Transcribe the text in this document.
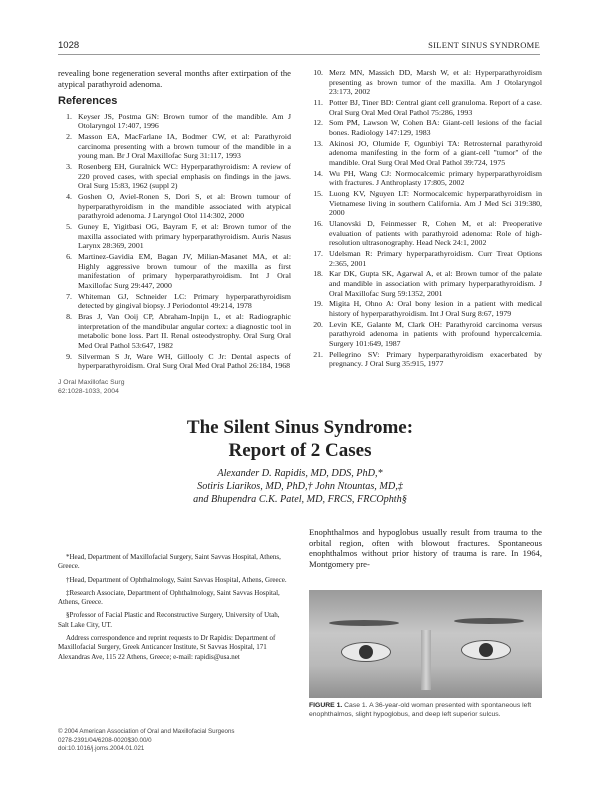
1028	SILENT SINUS SYNDROME
revealing bone regeneration several months after extirpation of the atypical parathyroid adenoma.
References
1. Keyser JS, Postma GN: Brown tumor of the mandible. Am J Otolaryngol 17:407, 1996
2. Masson EA, MacFarlane IA, Bodmer CW, et al: Parathyroid carcinoma presenting with a brown tumour of the mandible in a young man. Br J Oral Maxillofac Surg 31:117, 1993
3. Rosenberg EH, Guralnick WC: Hyperparathyroidism: A review of 220 proved cases, with special emphasis on findings in the jaws. Oral Surg 15:83, 1962 (suppl 2)
4. Goshen O, Aviel-Ronen S, Dori S, et al: Brown tumour of hyperparathyroidism in the mandible associated with atypical parathyroid adenoma. J Laryngol Otol 114:302, 2000
5. Guney E, Yigitbasi OG, Bayram F, et al: Brown tumor of the maxilla associated with primary hyperparathyroidism. Auris Nasus Larynx 28:369, 2001
6. Martinez-Gavidia EM, Bagan JV, Milian-Masanet MA, et al: Highly aggressive brown tumour of the maxilla as first manifestation of primary hyperparathyroidism. Int J Oral Maxillofac Surg 29:447, 2000
7. Whiteman GJ, Schneider LC: Primary hyperparathyroidism detected by gingival biopsy. J Periodontol 49:214, 1978
8. Bras J, Van Ooij CP, Abraham-Inpijn L, et al: Radiographic interpretation of the mandibular angular cortex: a diagnostic tool in metabolic bone loss. Part II. Renal osteodystrophy. Oral Surg Oral Med Oral Pathol 53:647, 1982
9. Silverman S Jr, Ware WH, Gillooly C Jr: Dental aspects of hyperparathyroidism. Oral Surg Oral Med Oral Pathol 26:184, 1968
10. Merz MN, Massich DD, Marsh W, et al: Hyperparathyroidism presenting as brown tumor of the maxilla. Am J Otolaryngol 23:173, 2002
11. Potter BJ, Tiner BD: Central giant cell granuloma. Report of a case. Oral Surg Oral Med Oral Pathol 75:286, 1993
12. Som PM, Lawson W, Cohen BA: Giant-cell lesions of the facial bones. Radiology 147:129, 1983
13. Akinosi JO, Olumide F, Ogunbiyi TA: Retrosternal parathyroid adenoma manifesting in the form of a giant-cell "tumor" of the mandible. Oral Surg Oral Med Oral Pathol 39:724, 1975
14. Wu PH, Wang CJ: Normocalcemic primary hyperparathyroidism with fractures. J Anthroplasty 17:805, 2002
15. Luong KV, Nguyen LT: Normocalcemic hyperparathyroidism in Vietnamese living in southern California. Am J Med Sci 319:380, 2000
16. Ulanovski D, Feinmesser R, Cohen M, et al: Preoperative evaluation of patients with parathyroid adenoma: Role of high-resolution ultrasonography. Head Neck 24:1, 2002
17. Udelsman R: Primary hyperparathyroidism. Curr Treat Options 2:365, 2001
18. Kar DK, Gupta SK, Agarwal A, et al: Brown tumor of the palate and mandible in association with primary hyperparathyroidism. J Oral Maxillofac Surg 59:1352, 2001
19. Migita H, Ohno A: Oral bony lesion in a patient with medical history of hyperparathyroidism. Int J Oral Surg 8:67, 1979
20. Levin KE, Galante M, Clark OH: Parathyroid carcinoma versus parathyroid adenoma in patients with profound hypercalcemia. Surgery 101:649, 1987
21. Pellegrino SV: Primary hyperparathyroidism exacerbated by pregnancy. J Oral Surg 35:915, 1977
J Oral Maxillofac Surg
62:1028-1033, 2004
The Silent Sinus Syndrome:
Report of 2 Cases
Alexander D. Rapidis, MD, DDS, PhD,*
Sotiris Liarikos, MD, PhD,† John Ntountas, MD,‡
and Bhupendra C.K. Patel, MD, FRCS, FRCOphth§
Enophthalmos and hypoglobus usually result from trauma to the orbital region, often with blowout fractures. Spontaneous enophthalmos without prior history of trauma is rare. In 1964, Montgomery pre-

*Head, Department of Maxillofacial Surgery, Saint Savvas Hospital, Athens, Greece.

†Head, Department of Ophthalmology, Saint Savvas Hospital, Athens, Greece.

‡Research Associate, Department of Ophthalmology, Saint Savvas Hospital, Athens, Greece.

§Professor of Facial Plastic and Reconstructive Surgery, University of Utah, Salt Lake City, UT.

Address correspondence and reprint requests to Dr Rapidis: Department of Maxillofacial Surgery, Greek Anticancer Institute, St Savvas Hospital, 171 Alexandras Ave, 115 22 Athens, Greece; e-mail: rapidis@usa.net

© 2004 American Association of Oral and Maxillofacial Surgeons
0278-2391/04/6208-0020$30.00/0
doi:10.1016/j.joms.2004.01.021
FIGURE 1. Case 1. A 36-year-old woman presented with spontaneous left enophthalmos, slight hypoglobus, and deep left superior sulcus.
